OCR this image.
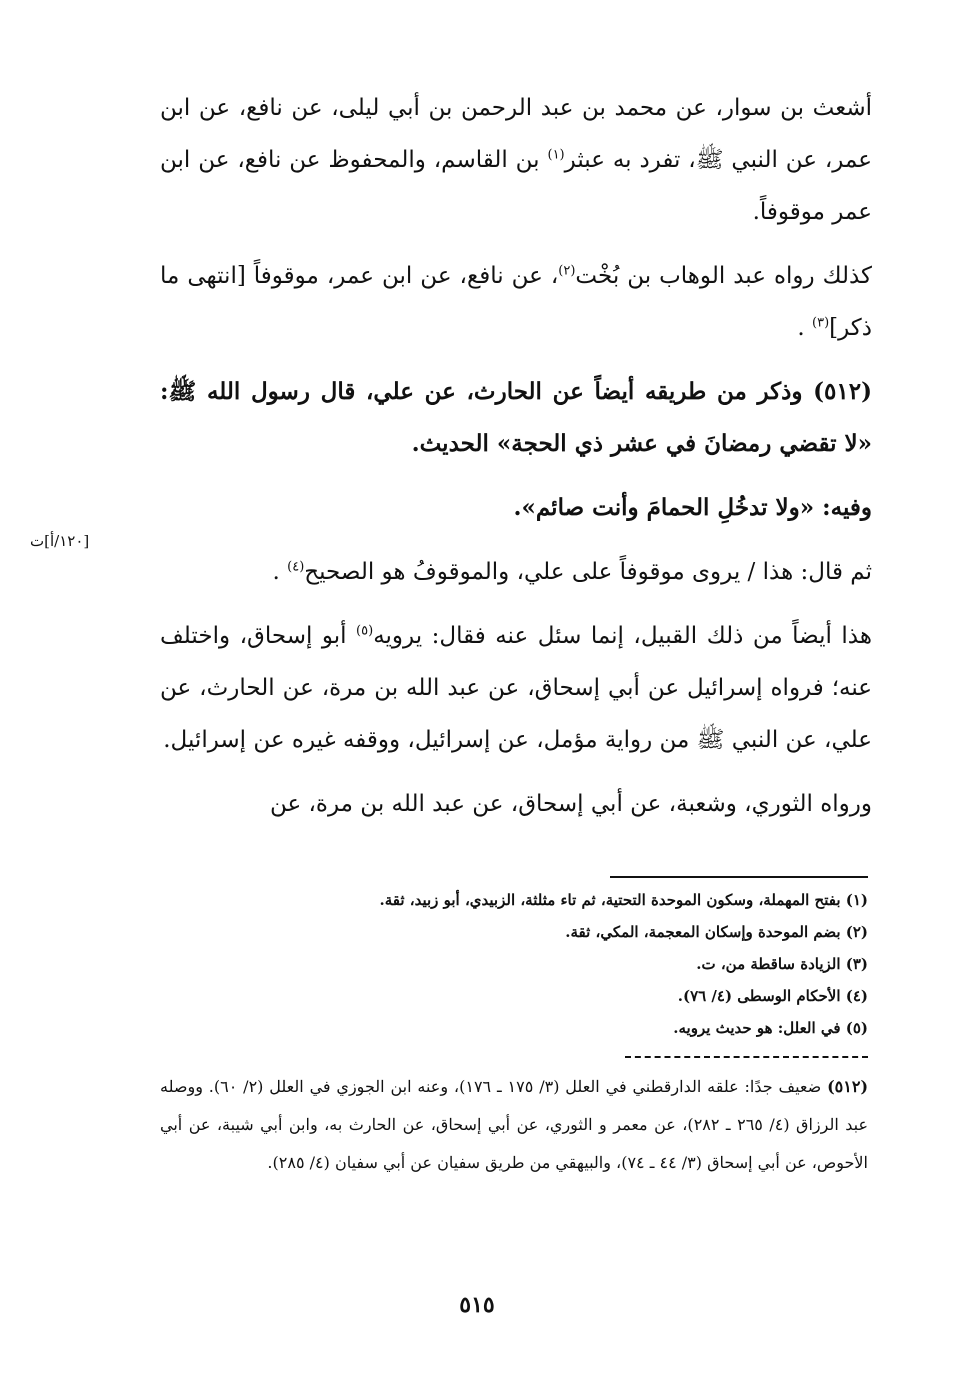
أشعث بن سوار، عن محمد بن عبد الرحمن بن أبي ليلى، عن نافع، عن ابن عمر، عن النبي ﷺ، تفرد به عبثر$^{(١)}$ بن القاسم، والمحفوظ عن نافع، عن ابن عمر موقوفاً.

كذلك رواه عبد الوهاب بن بُخْت$^{(٢)}$، عن نافع، عن ابن عمر، موقوفاً [انتهى ما ذكر]$^{(٣)}$ .

(٥١٢) وذكر من طريقه أيضاً عن الحارث، عن علي، قال رسول الله ﷺ: «لا تقضي رمضانَ في عشر ذي الحجة» الحديث.

وفيه: «ولا تدخُلِ الحمامَ وأنت صائم».

ثم قال: هذا / يروى موقوفاً على علي، والموقوفُ هو الصحيح$^{(٤)}$ .

هذا أيضاً من ذلك القبيل، إنما سئل عنه فقال: يرويه$^{(٥)}$ أبو إسحاق، واختلف عنه؛ فرواه إسرائيل عن أبي إسحاق، عن عبد الله بن مرة، عن الحارث، عن علي، عن النبي ﷺ من رواية مؤمل، عن إسرائيل، ووقفه غيره عن إسرائيل.

ورواه الثوري، وشعبة، عن أبي إسحاق، عن عبد الله بن مرة، عن

[١٢٠/أ]ت
(١) بفتح المهملة، وسكون الموحدة التحتية، ثم تاء مثلثة، الزبيدي، أبو زبيد، ثقة.
(٢) بضم الموحدة وإسكان المعجمة، المكي، ثقة.
(٣) الزيادة ساقطة من، ت.
(٤) الأحكام الوسطى (٤/ ٧٦).
(٥) في العلل: هو حديث يرويه.
(٥١٢) ضعيف جدًا: علقه الدارقطني في العلل (٣/ ١٧٥ ـ ١٧٦)، وعنه ابن الجوزي في العلل (٢/ ٦٠). ووصله عبد الرزاق (٤/ ٢٦٥ ـ ٢٨٢)، عن معمر و الثوري، عن أبي إسحاق، عن الحارث به، وابن أبي شيبة، عن أبي الأحوص، عن أبي إسحاق (٣/ ٤٤ ـ ٧٤)، والبيهقي من طريق سفيان عن أبي سفيان (٤/ ٢٨٥).
٥١٥
